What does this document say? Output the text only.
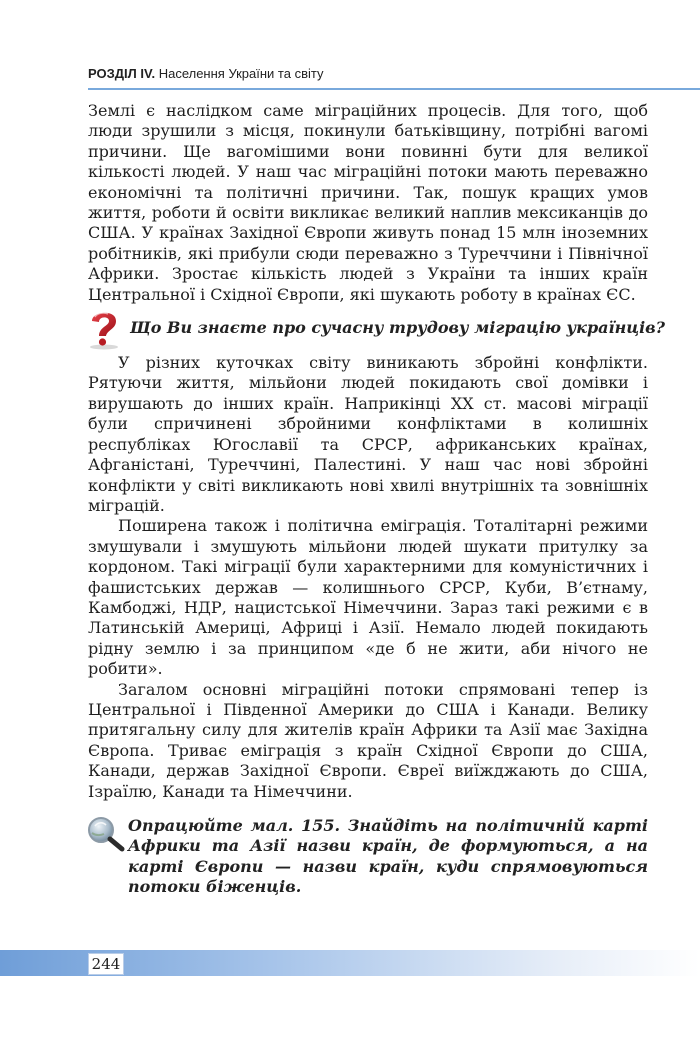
РОЗДІЛ IV. Населення України та світу

Землі є наслідком саме міграційних процесів. Для того, щоб люди зрушили з місця, покинули батьківщину, потрібні вагомі причини. Ще вагомішими вони повинні бути для великої кількості людей. У наш час міграційні потоки мають переважно економічні та політичні причини. Так, пошук кращих умов життя, роботи й освіти викликає великий наплив мексиканців до США. У країнах Західної Європи живуть понад 15 млн іноземних робітників, які прибули сюди переважно з Туреччини і Північної Африки. Зростає кількість людей з України та інших країн Центральної і Східної Європи, які шукають роботу в країнах ЄС.

Що Ви знаєте про сучасну трудову міграцію українців?

У різних куточках світу виникають збройні конфлікти. Рятуючи життя, мільйони людей покидають свої домівки і вирушають до інших країн. Наприкінці ХХ ст. масові міграції були спричинені збройними конфліктами в колишніх республіках Югославії та СРСР, африканських країнах, Афганістані, Туреччині, Палестині. У наш час нові збройні конфлікти у світі викликають нові хвилі внутрішніх та зовнішніх міграцій.

Поширена також і політична еміграція. Тоталітарні режими змушували і змушують мільйони людей шукати притулку за кордоном. Такі міграції були характерними для комуністичних і фашистських держав — колишнього СРСР, Куби, В’єтнаму, Камбоджі, НДР, нацистської Німеччини. Зараз такі режими є в Латинській Америці, Африці і Азії. Немало людей покидають рідну землю і за принципом «де б не жити, аби нічого не робити».

Загалом основні міграційні потоки спрямовані тепер із Центральної і Південної Америки до США і Канади. Велику притягальну силу для жителів країн Африки та Азії має Західна Європа. Триває еміграція з країн Східної Європи до США, Канади, держав Західної Європи. Євреї виїжджають до США, Ізраїлю, Канади та Німеччини.

Опрацюйте мал. 155. Знайдіть на політичній карті Африки та Азії назви країн, де формуються, а на карті Європи — назви країн, куди спрямовуються потоки біженців.
244
